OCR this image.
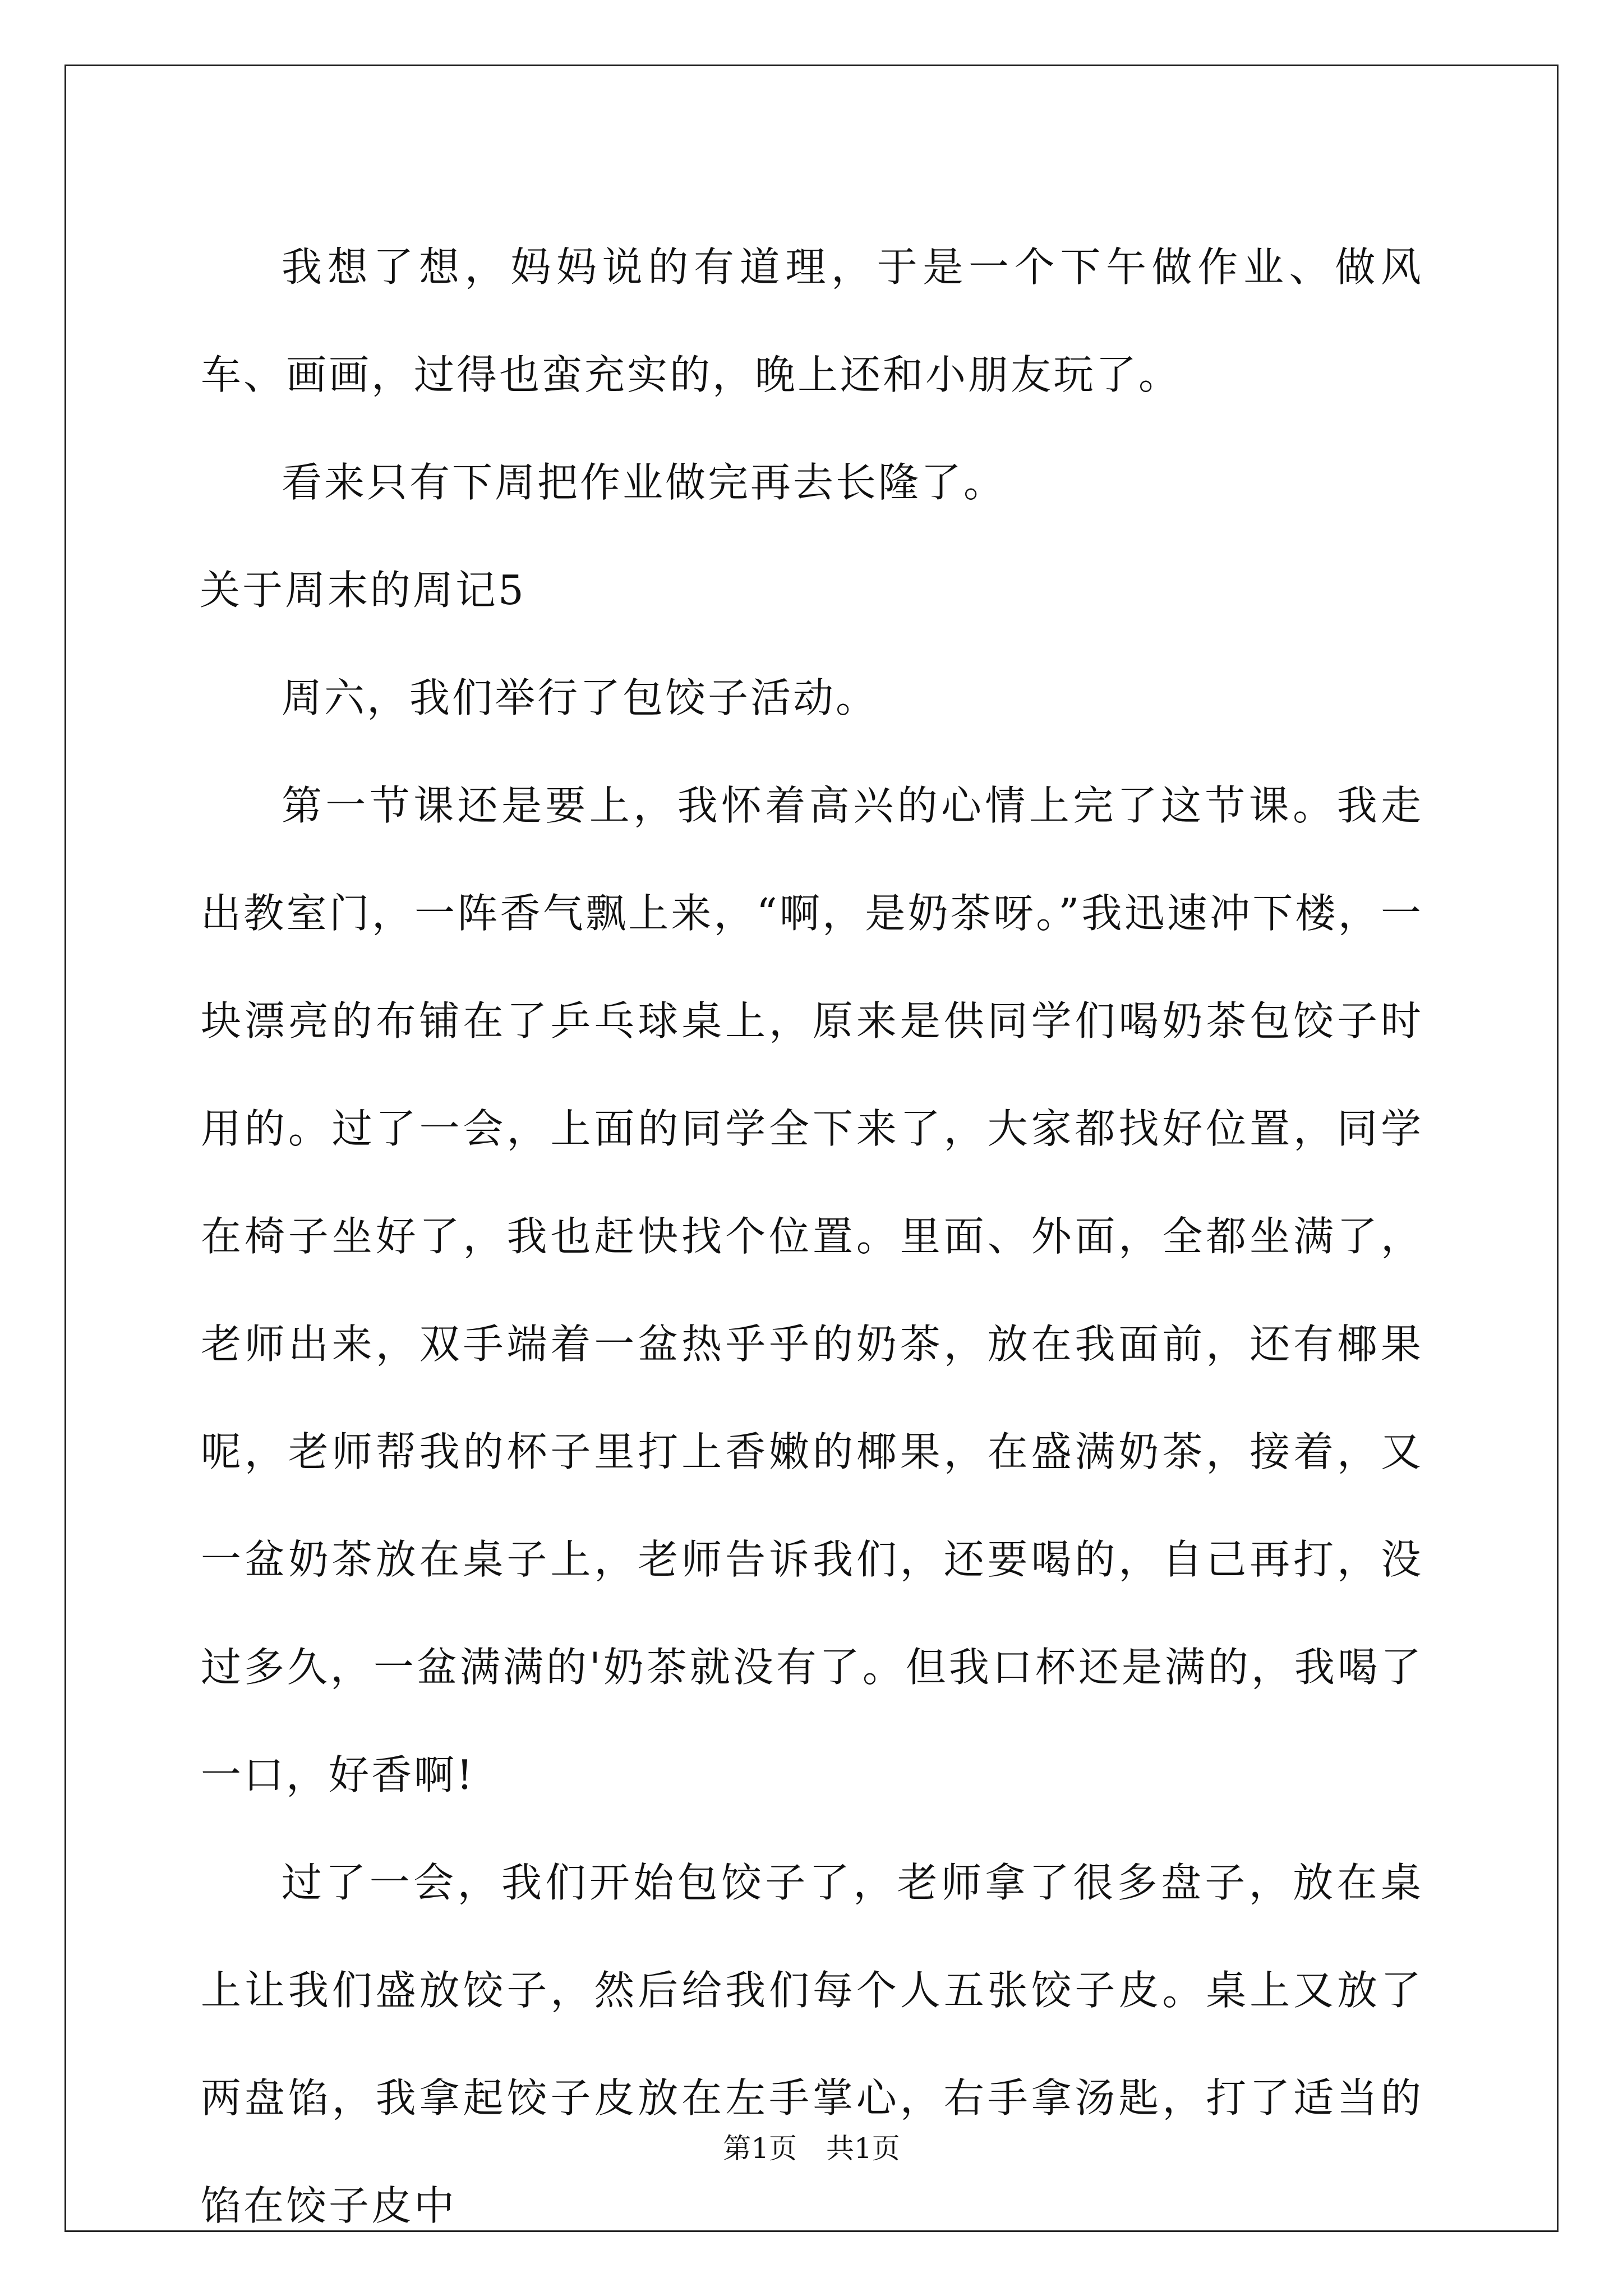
我想了想，妈妈说的有道理，于是一个下午做作业、做风车、画画，过得也蛮充实的，晚上还和小朋友玩了。

看来只有下周把作业做完再去长隆了。

关于周末的周记5

周六，我们举行了包饺子活动。

第一节课还是要上，我怀着高兴的心情上完了这节课。我走出教室门，一阵香气飘上来，“啊，是奶茶呀。”我迅速冲下楼，一块漂亮的布铺在了乒乓球桌上，原来是供同学们喝奶茶包饺子时用的。过了一会，上面的同学全下来了，大家都找好位置，同学在椅子坐好了，我也赶快找个位置。里面、外面，全都坐满了，老师出来，双手端着一盆热乎乎的奶茶，放在我面前，还有椰果呢，老师帮我的杯子里打上香嫩的椰果，在盛满奶茶，接着，又一盆奶茶放在桌子上，老师告诉我们，还要喝的，自己再打，没过多久，一盆满满的'奶茶就没有了。但我口杯还是满的，我喝了一口，好香啊!

过了一会，我们开始包饺子了，老师拿了很多盘子，放在桌上让我们盛放饺子，然后给我们每个人五张饺子皮。桌上又放了两盘馅，我拿起饺子皮放在左手掌心，右手拿汤匙，打了适当的馅在饺子皮中

第1页 共1页
